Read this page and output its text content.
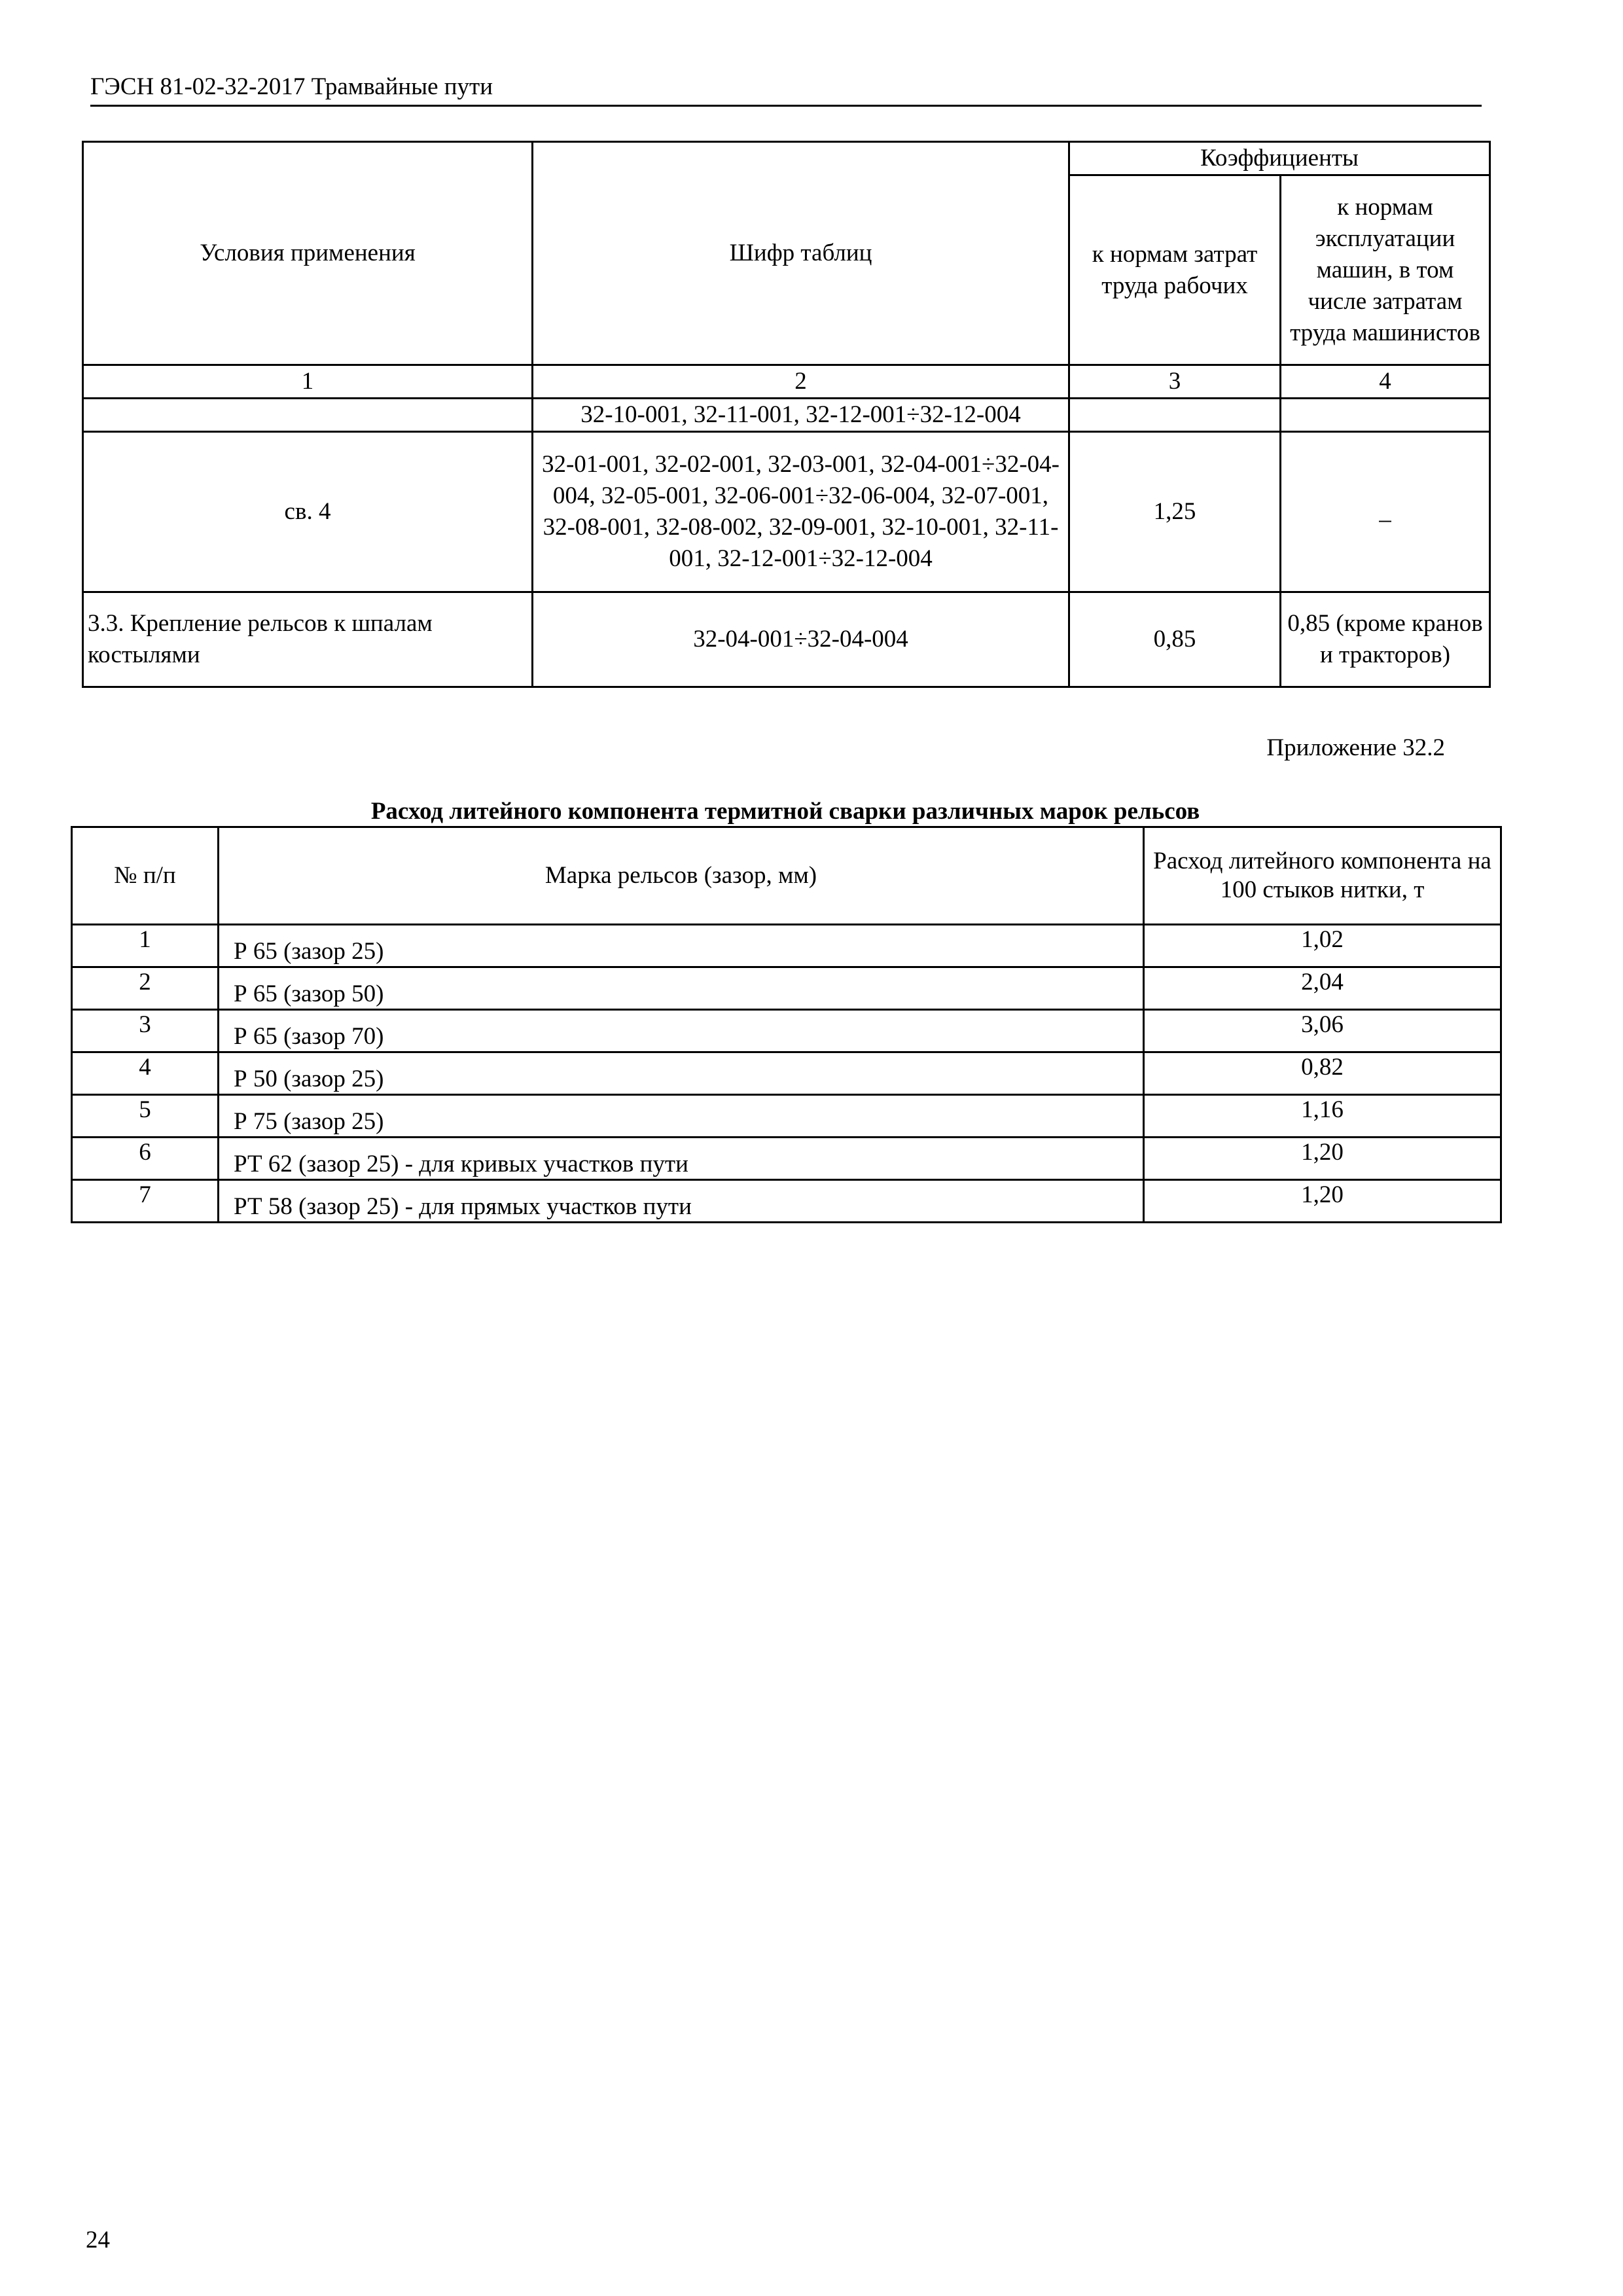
ГЭСН 81-02-32-2017 Трамвайные пути
Условия применения	Шифр таблиц	Коэффициенты	
		к нормам затрат труда рабочих	к нормам эксплуатации машин, в том числе затратам труда машинистов
1	2	3	4
	32-10-001, 32-11-001, 32-12-001÷32-12-004		
св. 4	32-01-001, 32-02-001, 32-03-001, 32-04-001÷32-04-004, 32-05-001, 32-06-001÷32-06-004, 32-07-001, 32-08-001, 32-08-002, 32-09-001, 32-10-001, 32-11-001, 32-12-001÷32-12-004	1,25	–
3.3. Крепление рельсов к шпалам костылями	32-04-001÷32-04-004	0,85	0,85 (кроме кранов и тракторов)
Приложение 32.2
Расход литейного компонента термитной сварки различных марок рельсов
№ п/п	Марка рельсов (зазор, мм)	Расход литейного компонента на 100 стыков нитки, т
1	Р 65 (зазор 25)	1,02
2	Р 65 (зазор 50)	2,04
3	Р 65 (зазор 70)	3,06
4	Р 50 (зазор 25)	0,82
5	Р 75 (зазор 25)	1,16
6	РТ 62 (зазор 25) - для кривых участков пути	1,20
7	РТ 58 (зазор 25) - для прямых участков пути	1,20
24
